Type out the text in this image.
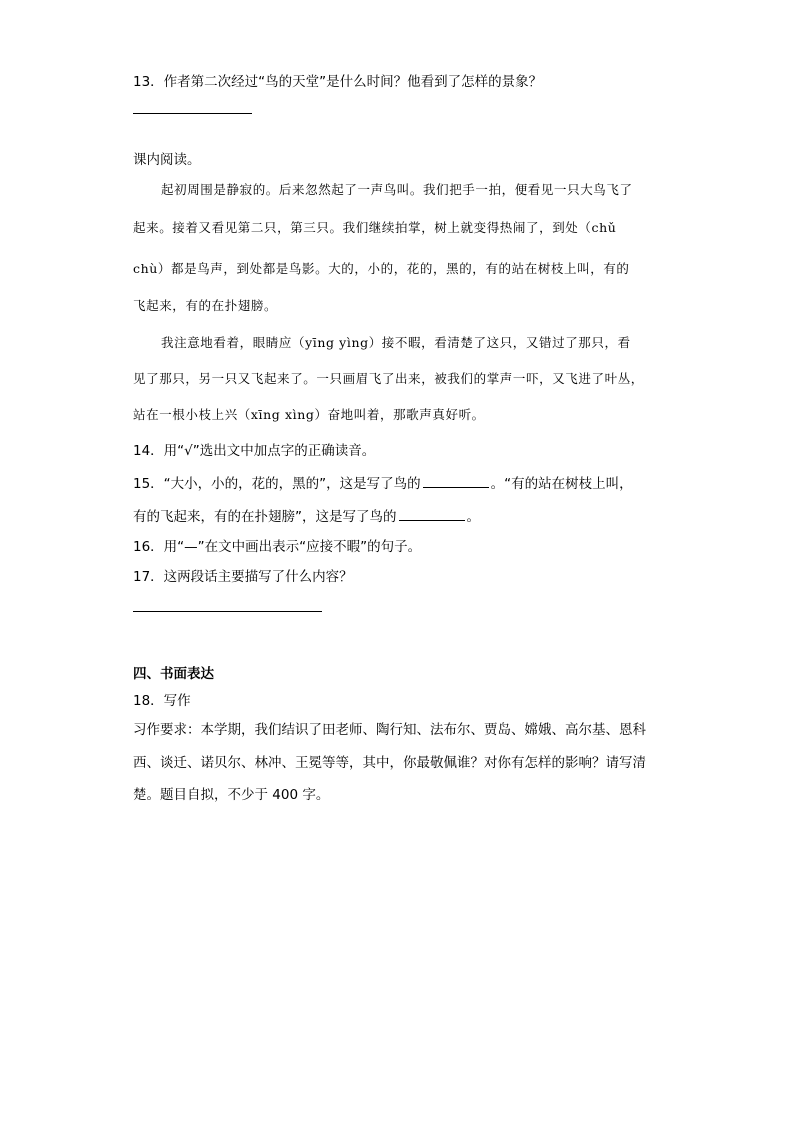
13．作者第二次经过“鸟的天堂”是什么时间？他看到了怎样的景象？
课内阅读。
起初周围是静寂的。后来忽然起了一声鸟叫。我们把手一拍，便看见一只大鸟飞了
起来。接着又看见第二只，第三只。我们继续拍掌，树上就变得热闹了，到处（chǔ
chù）都是鸟声，到处都是鸟影。大的，小的，花的，黑的，有的站在树枝上叫，有的
飞起来，有的在扑翅膀。
我注意地看着，眼睛应（yīng yìng）接不暇，看清楚了这只，又错过了那只，看
见了那只，另一只又飞起来了。一只画眉飞了出来，被我们的掌声一吓，又飞进了叶丛，
站在一根小枝上兴（xīng xìng）奋地叫着，那歌声真好听。
14．用“√”选出文中加点字的正确读音。
15．“大小，小的，花的，黑的”，这是写了鸟的	。“有的站在树枝上叫，
有的飞起来，有的在扑翅膀”，这是写了鸟的	。
16．用“—”在文中画出表示“应接不暇”的句子。
17．这两段话主要描写了什么内容？
四、书面表达
18．写作
习作要求：本学期，我们结识了田老师、陶行知、法布尔、贾岛、嫦娥、高尔基、恩科
西、谈迁、诺贝尔、林冲、王冕等等，其中，你最敬佩谁？对你有怎样的影响？请写清
楚。题目自拟，不少于 400 字。
